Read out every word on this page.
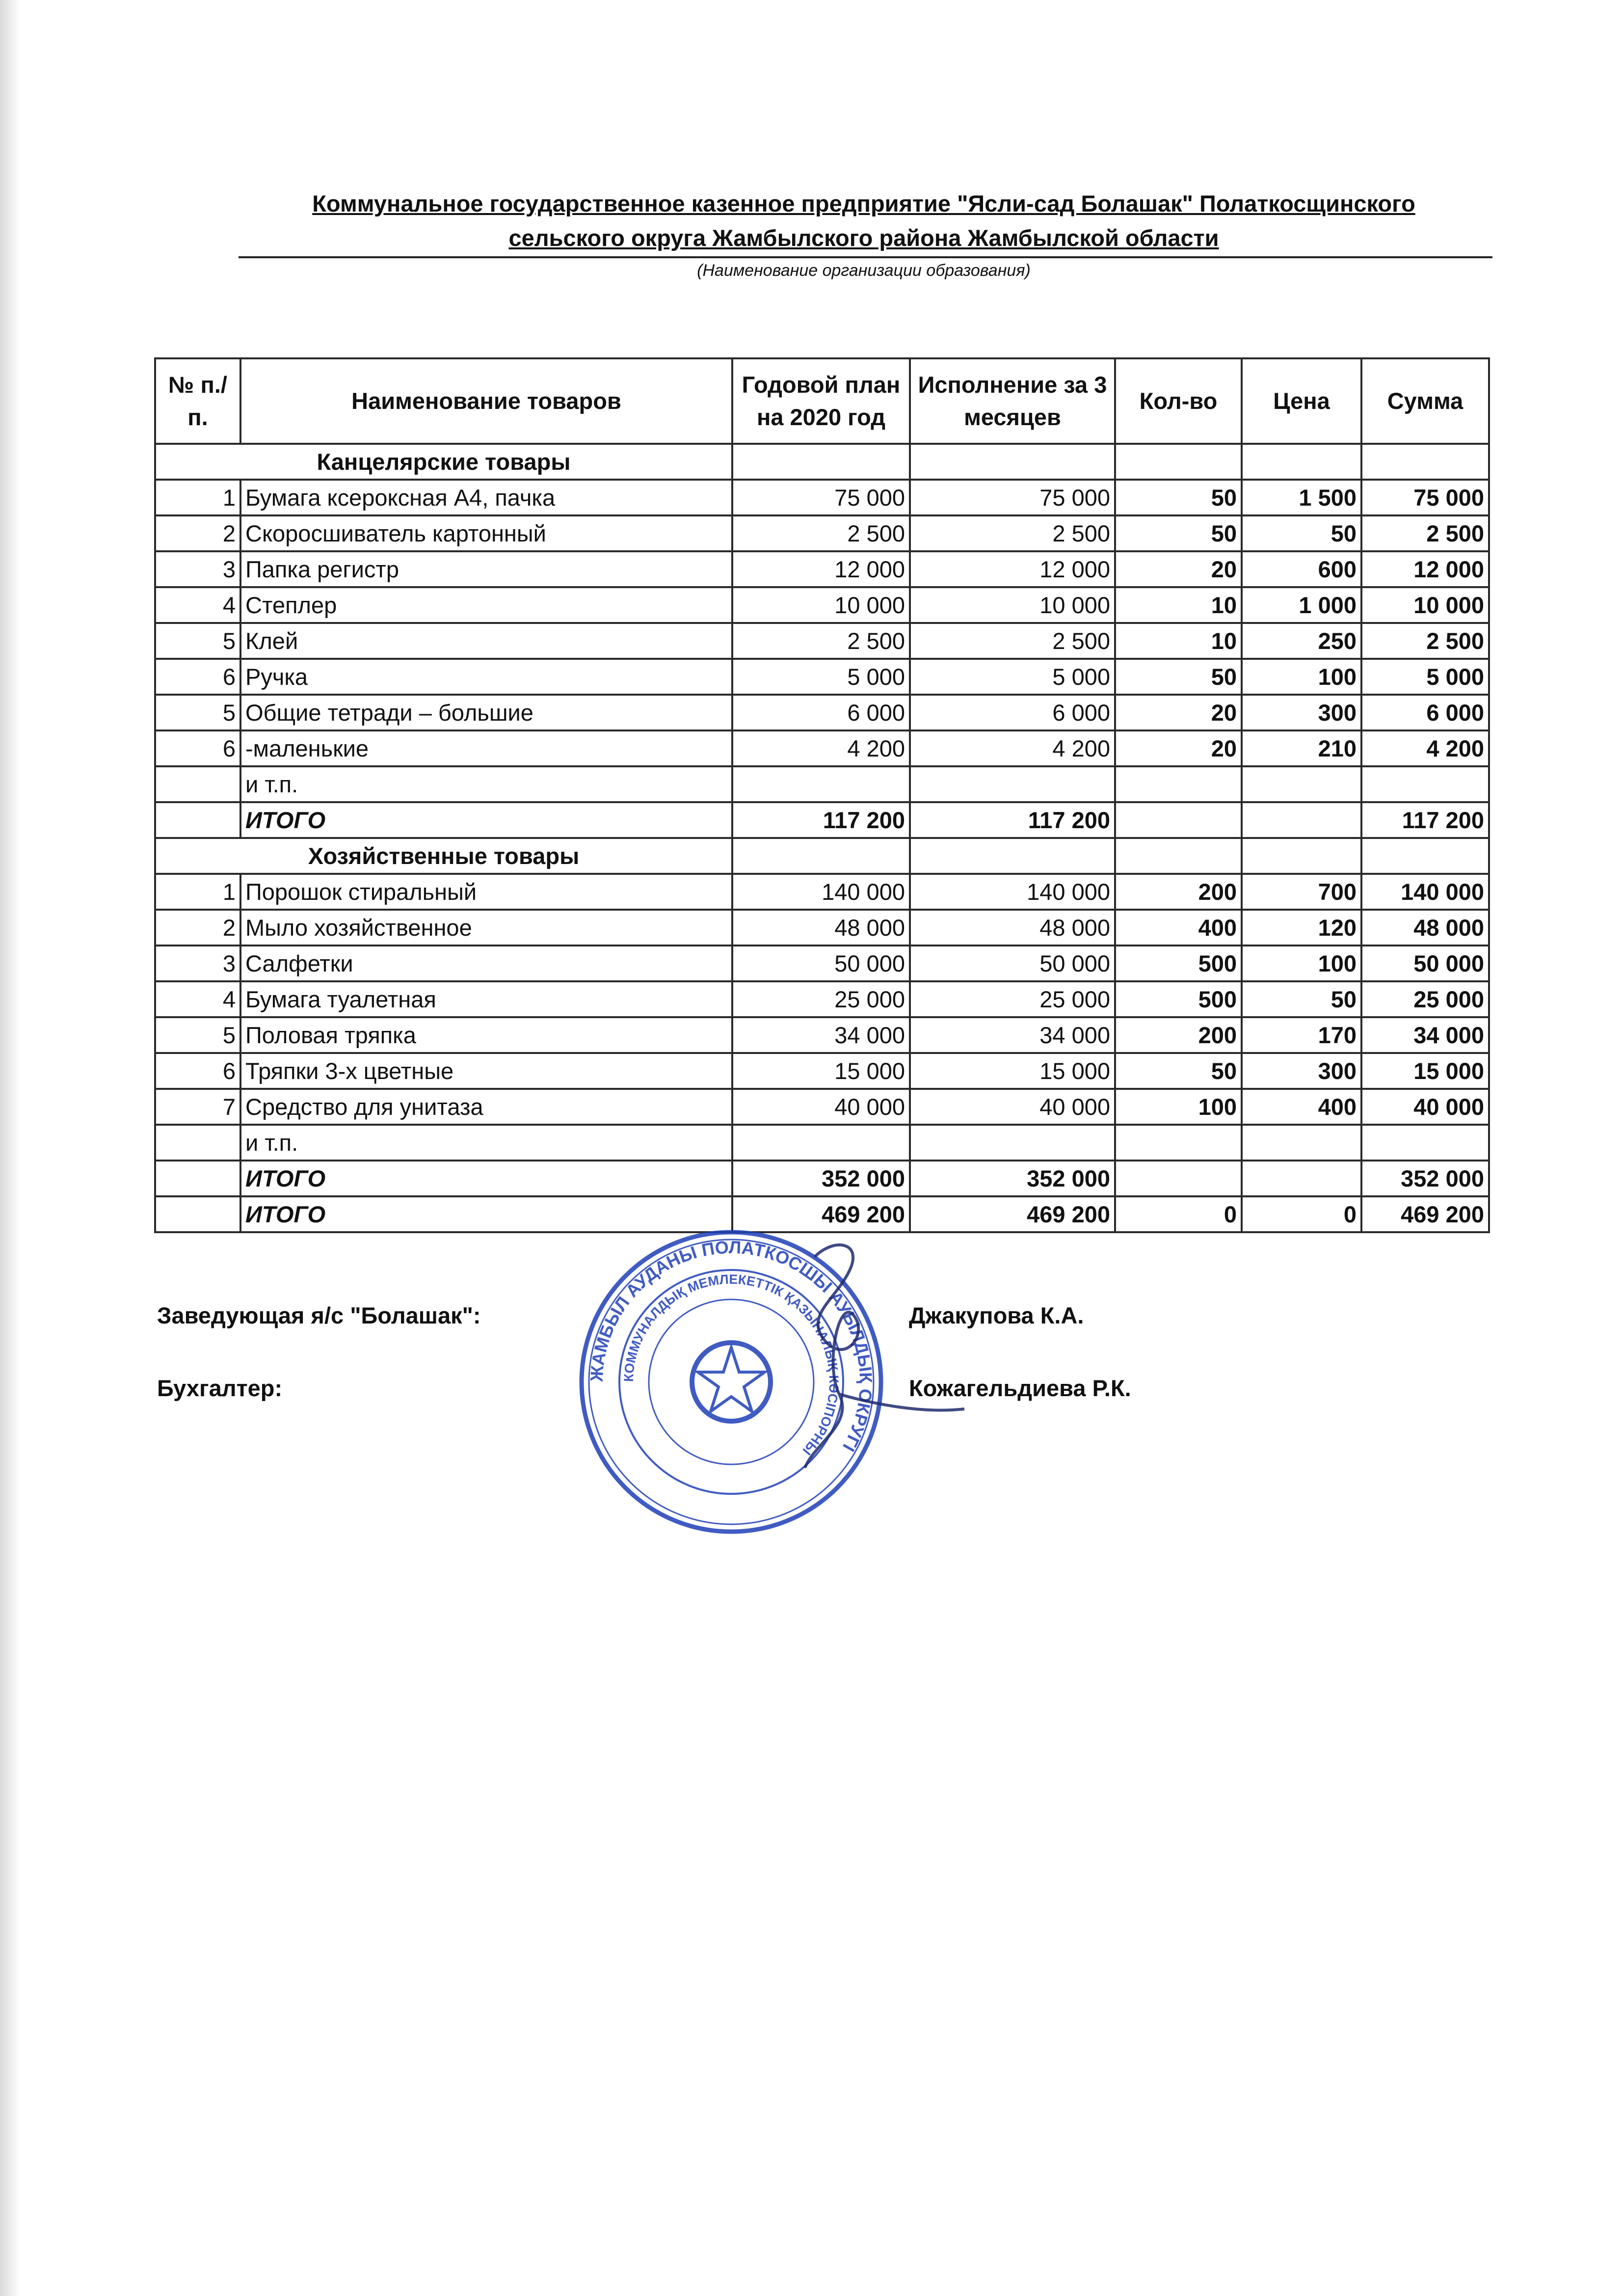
Коммунальное государственное казенное предприятие "Ясли-сад Болашак" Полаткосщинского
сельского округа Жамбылского района Жамбылской области
(Наименование организации образования)
№ п./п.	Наименование товаров	Годовой план на 2020 год	Исполнение за 3 месяцев	Кол-во	Цена	Сумма
Канцелярские товары						
1	Бумага ксероксная А4, пачка	75 000	75 000	50	1 500	75 000
2	Скоросшиватель картонный	2 500	2 500	50	50	2 500
3	Папка регистр	12 000	12 000	20	600	12 000
4	Степлер	10 000	10 000	10	1 000	10 000
5	Клей	2 500	2 500	10	250	2 500
6	Ручка	5 000	5 000	50	100	5 000
5	Общие тетради – большие	6 000	6 000	20	300	6 000
6	-маленькие	4 200	4 200	20	210	4 200
	и т.п.					
	ИТОГО	117 200	117 200			117 200
Хозяйственные товары						
1	Порошок стиральный	140 000	140 000	200	700	140 000
2	Мыло хозяйственное	48 000	48 000	400	120	48 000
3	Салфетки	50 000	50 000	500	100	50 000
4	Бумага туалетная	25 000	25 000	500	50	25 000
5	Половая тряпка	34 000	34 000	200	170	34 000
6	Тряпки 3-х цветные	15 000	15 000	50	300	15 000
7	Средство для унитаза	40 000	40 000	100	400	40 000
	и т.п.					
	ИТОГО	352 000	352 000			352 000
	ИТОГО	469 200	469 200	0	0	469 200
Заведующая я/с "Болашак":	Джакупова К.А.
Бухгалтер:	Кожагельдиева Р.К.
ЖАМБЫЛ АУДАНЫ ПОЛАТКОСШЫ АУЫЛДЫҚ ОКРУГІ
КОММУНАЛДЫҚ МЕМЛЕКЕТТІК ҚАЗЫНАЛЫҚ КӘСІПОРНЫ
